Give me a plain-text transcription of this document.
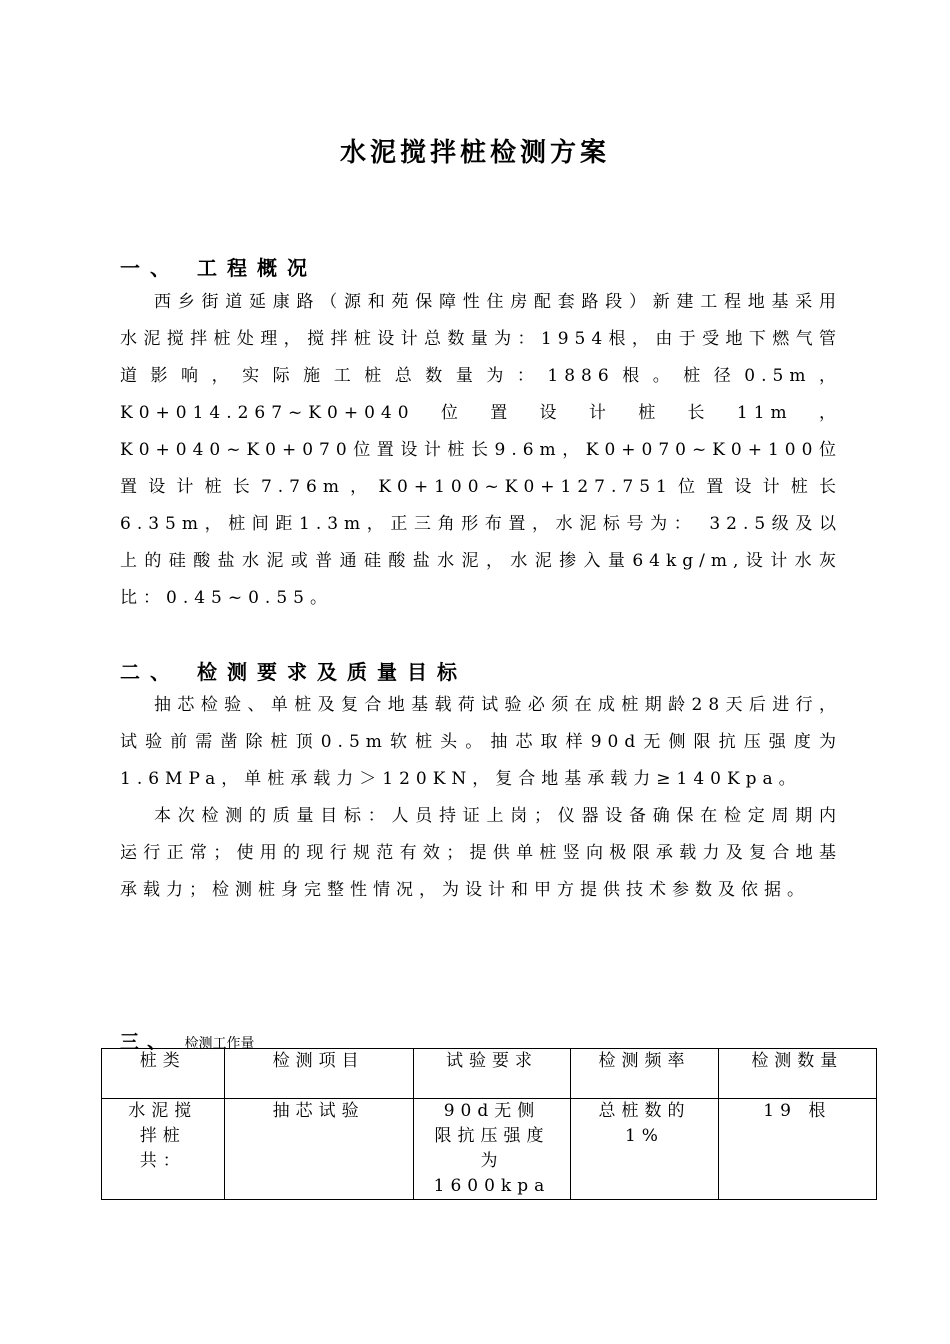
水泥搅拌桩检测方案
一、 工程概况

西乡街道延康路（源和苑保障性住房配套路段）新建工程地基采用水泥搅拌桩处理，搅拌桩设计总数量为：1954根，由于受地下燃气管道影响，实际施工桩总数量为：1886根。桩径0.5m，K0+014.267~K0+040位置设计桩长11m，K0+040~K0+070位置设计桩长9.6m，K0+070~K0+100位置设计桩长7.76m，K0+100~K0+127.751位置设计桩长6.35m，桩间距1.3m，正三角形布置，水泥标号为： 32.5级及以上的硅酸盐水泥或普通硅酸盐水泥，水泥掺入量64kg/m,设计水灰比：0.45~0.55。

二、 检测要求及质量目标

抽芯检验、单桩及复合地基载荷试验必须在成桩期龄28天后进行，试验前需凿除桩顶0.5m软桩头。抽芯取样90d无侧限抗压强度为1.6MPa，单桩承载力＞120KN，复合地基承载力≥140Kpa。

本次检测的质量目标：人员持证上岗；仪器设备确保在检定周期内运行正常；使用的现行规范有效；提供单桩竖向极限承载力及复合地基承载力；检测桩身完整性情况，为设计和甲方提供技术参数及依据。

三、 检测工作量
桩类	检测项目	试验要求	检测频率	检测数量
水泥搅拌桩共：	抽芯试验	90d无侧限抗压强度为1600kpa	总桩数的 1%	19 根
